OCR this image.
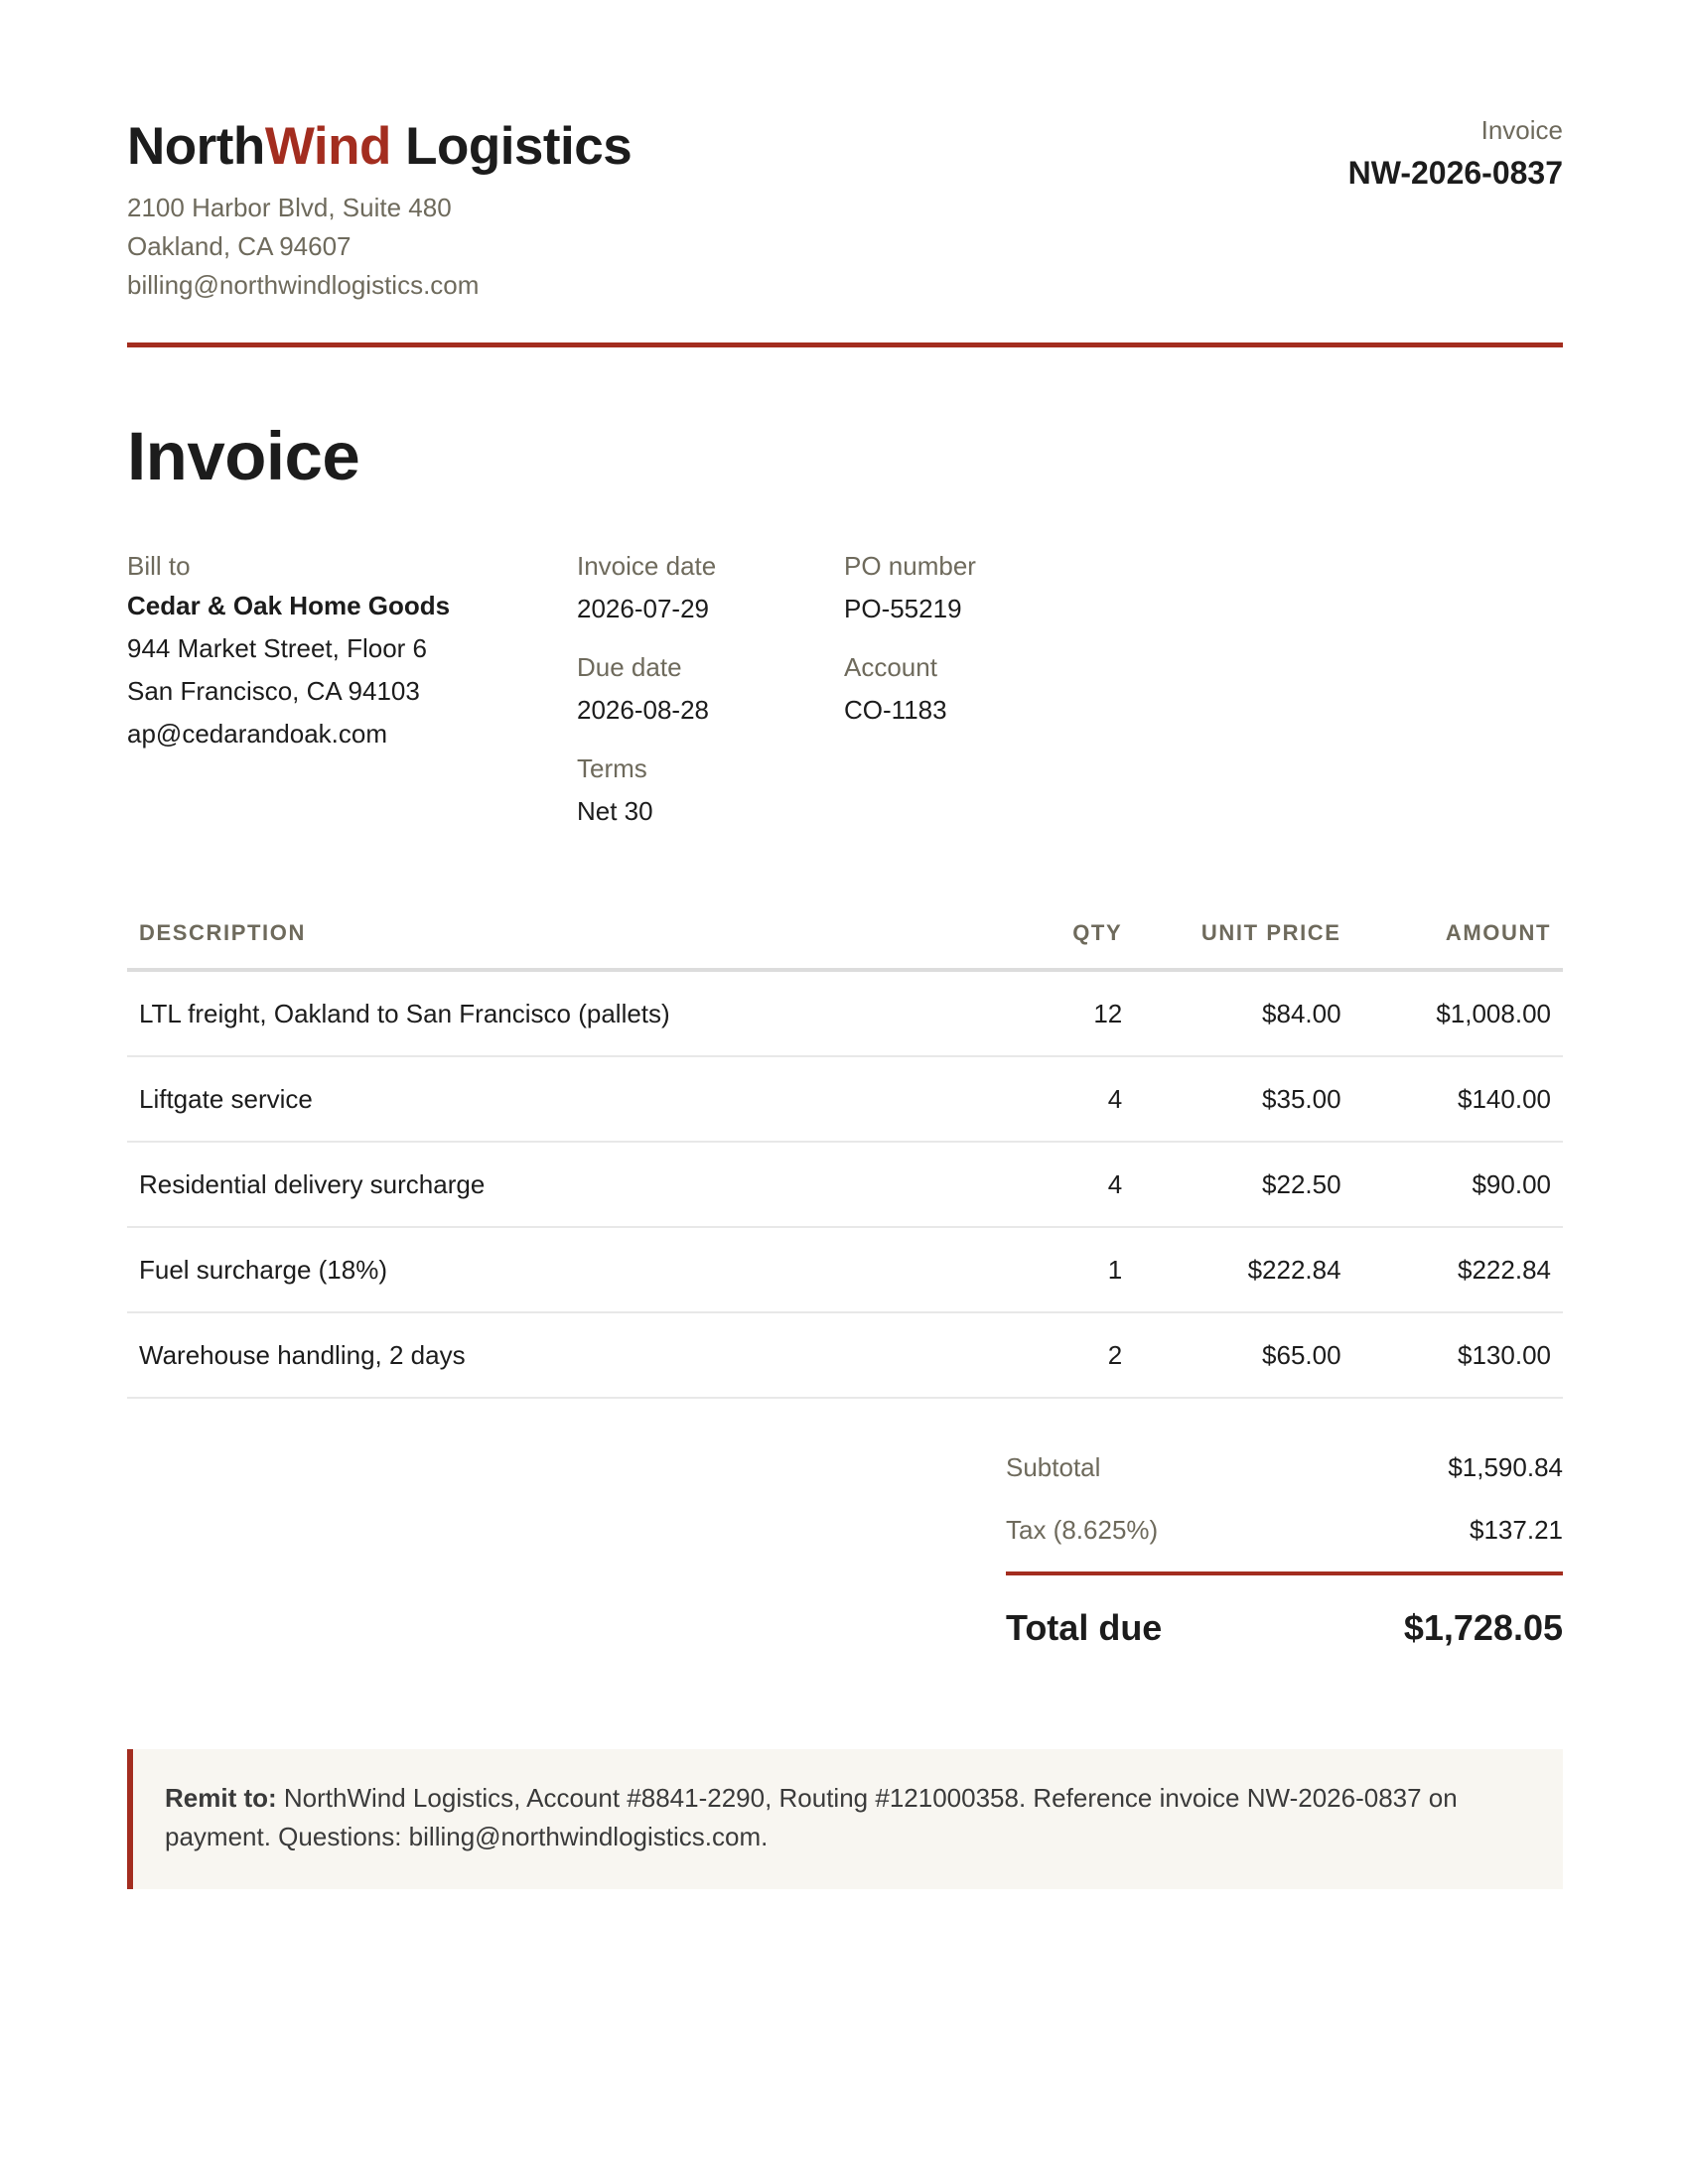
NorthWind Logistics
2100 Harbor Blvd, Suite 480
Oakland, CA 94607
billing@northwindlogistics.com
Invoice
NW-2026-0837
Invoice
Bill to
Cedar & Oak Home Goods
944 Market Street, Floor 6
San Francisco, CA 94103
ap@cedarandoak.com
Invoice date
2026-07-29
Due date
2026-08-28
Terms
Net 30
PO number
PO-55219
Account
CO-1183
DESCRIPTION	QTY	UNIT PRICE	AMOUNT
LTL freight, Oakland to San Francisco (pallets)	12	$84.00	$1,008.00
Liftgate service	4	$35.00	$140.00
Residential delivery surcharge	4	$22.50	$90.00
Fuel surcharge (18%)	1	$222.84	$222.84
Warehouse handling, 2 days	2	$65.00	$130.00
Subtotal	$1,590.84
Tax (8.625%)	$137.21
Total due	$1,728.05
Remit to: NorthWind Logistics, Account #8841-2290, Routing #121000358. Reference invoice NW-2026-0837 on payment. Questions: billing@northwindlogistics.com.
